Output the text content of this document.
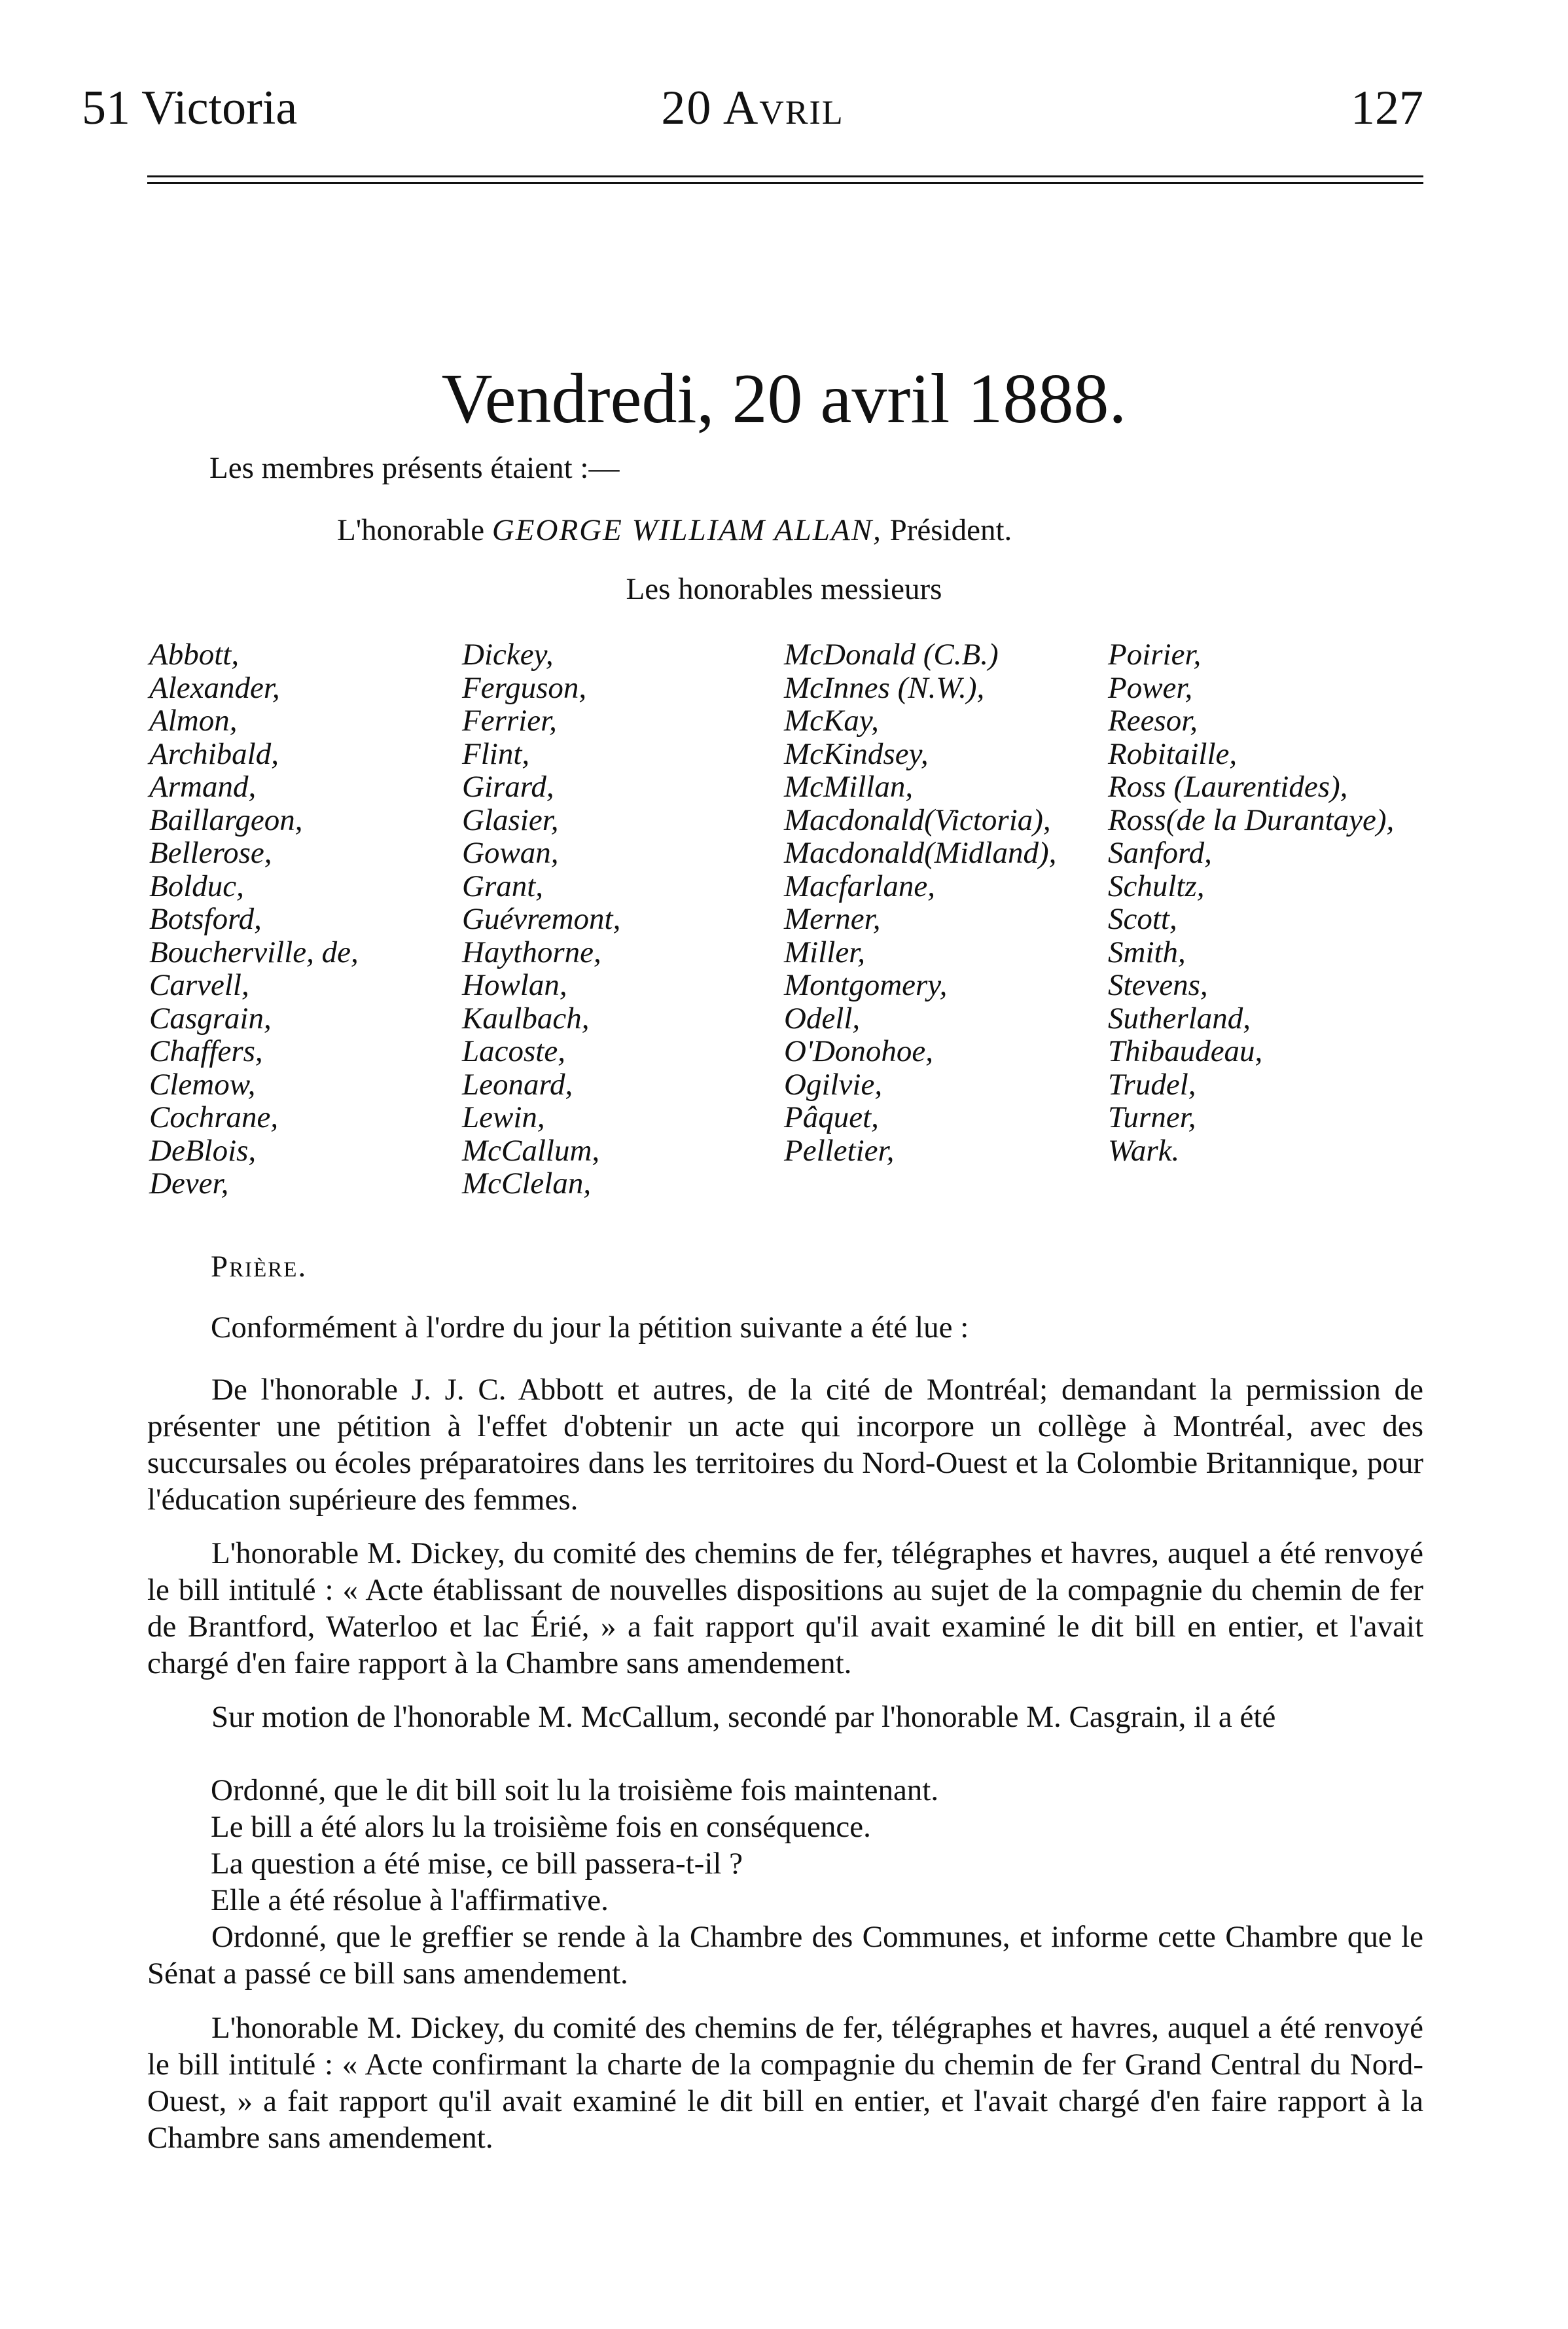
51 Victoria	20 Avril	127
Vendredi, 20 avril 1888.
Les membres présents étaient :—
L'honorable GEORGE WILLIAM ALLAN, Président.
Les honorables messieurs
Abbott,
Alexander,
Almon,
Archibald,
Armand,
Baillargeon,
Bellerose,
Bolduc,
Botsford,
Boucherville, de,
Carvell,
Casgrain,
Chaffers,
Clemow,
Cochrane,
DeBlois,
Dever,
Dickey,
Ferguson,
Ferrier,
Flint,
Girard,
Glasier,
Gowan,
Grant,
Guévremont,
Haythorne,
Howlan,
Kaulbach,
Lacoste,
Leonard,
Lewin,
McCallum,
McClelan,
McDonald (C.B.)
McInnes (N.W.),
McKay,
McKindsey,
McMillan,
Macdonald(Victoria),
Macdonald(Midland),
Macfarlane,
Merner,
Miller,
Montgomery,
Odell,
O'Donohoe,
Ogilvie,
Pâquet,
Pelletier,
Poirier,
Power,
Reesor,
Robitaille,
Ross (Laurentides),
Ross(de la Durantaye),
Sanford,
Schultz,
Scott,
Smith,
Stevens,
Sutherland,
Thibaudeau,
Trudel,
Turner,
Wark.
Prière.
Conformément à l'ordre du jour la pétition suivante a été lue :
De l'honorable J. J. C. Abbott et autres, de la cité de Montréal; demandant la permission de présenter une pétition à l'effet d'obtenir un acte qui incorpore un collège à Montréal, avec des succursales ou écoles préparatoires dans les territoires du Nord-Ouest et la Colombie Britannique, pour l'éducation supérieure des femmes.
L'honorable M. Dickey, du comité des chemins de fer, télégraphes et havres, auquel a été renvoyé le bill intitulé : « Acte établissant de nouvelles dispositions au sujet de la compagnie du chemin de fer de Brantford, Waterloo et lac Érié, » a fait rapport qu'il avait examiné le dit bill en entier, et l'avait chargé d'en faire rapport à la Chambre sans amendement.
Sur motion de l'honorable M. McCallum, secondé par l'honorable M. Casgrain, il a été
Ordonné, que le dit bill soit lu la troisième fois maintenant.
Le bill a été alors lu la troisième fois en conséquence.
La question a été mise, ce bill passera-t-il ?
Elle a été résolue à l'affirmative.
Ordonné, que le greffier se rende à la Chambre des Communes, et informe cette Chambre que le Sénat a passé ce bill sans amendement.
L'honorable M. Dickey, du comité des chemins de fer, télégraphes et havres, auquel a été renvoyé le bill intitulé : « Acte confirmant la charte de la compagnie du chemin de fer Grand Central du Nord-Ouest, » a fait rapport qu'il avait examiné le dit bill en entier, et l'avait chargé d'en faire rapport à la Chambre sans amendement.
